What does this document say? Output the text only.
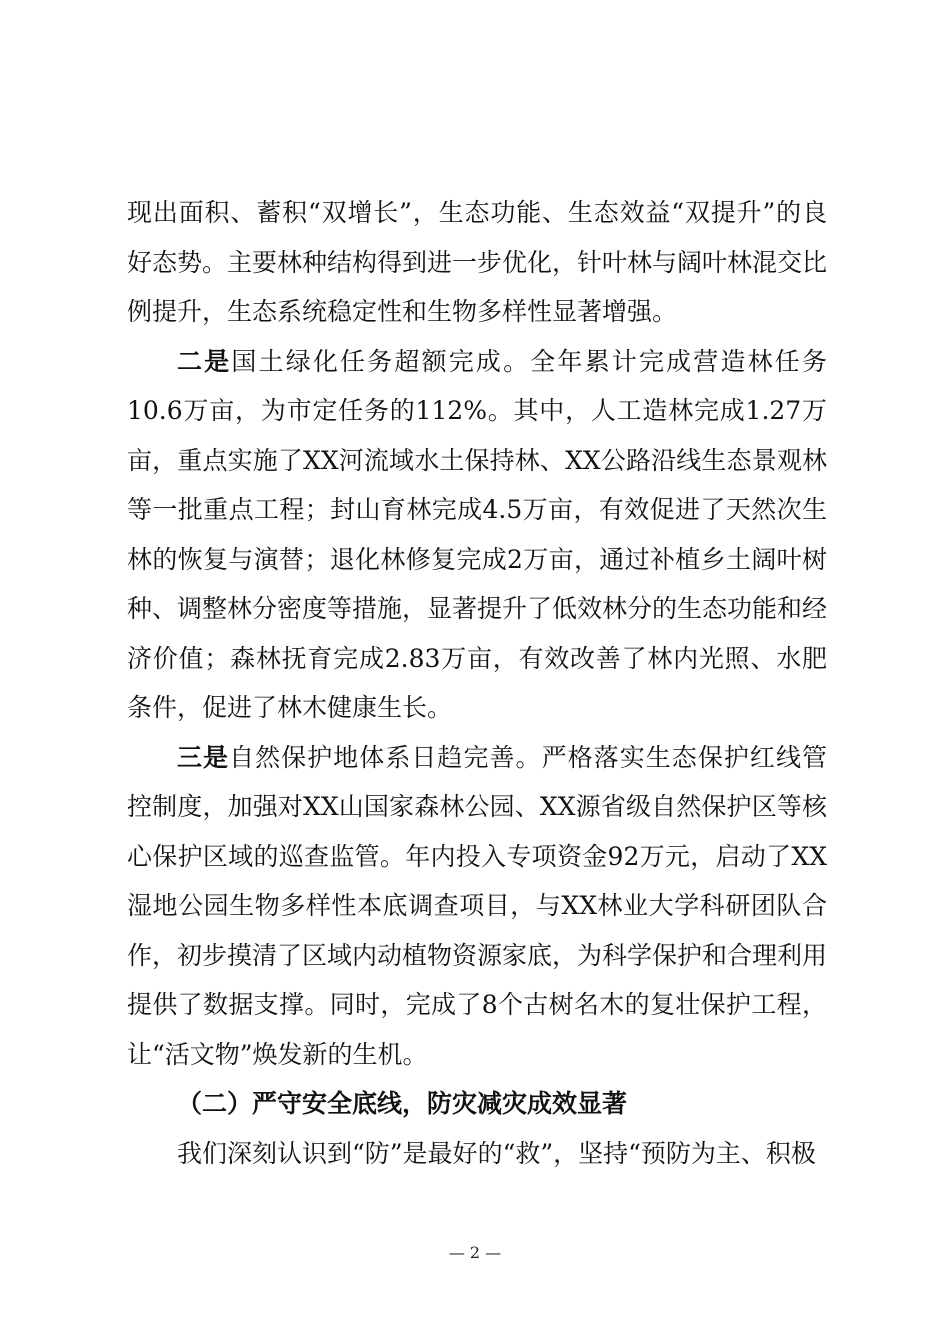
现出面积、蓄积“双增长”，生态功能、生态效益“双提升”的良好态势。主要林种结构得到进一步优化，针叶林与阔叶林混交比例提升，生态系统稳定性和生物多样性显著增强。

二是国土绿化任务超额完成。全年累计完成营造林任务10.6万亩，为市定任务的112%。其中，人工造林完成1.27万亩，重点实施了XX河流域水土保持林、XX公路沿线生态景观林等一批重点工程；封山育林完成4.5万亩，有效促进了天然次生林的恢复与演替；退化林修复完成2万亩，通过补植乡土阔叶树种、调整林分密度等措施，显著提升了低效林分的生态功能和经济价值；森林抚育完成2.83万亩，有效改善了林内光照、水肥条件，促进了林木健康生长。

三是自然保护地体系日趋完善。严格落实生态保护红线管控制度，加强对XX山国家森林公园、XX源省级自然保护区等核心保护区域的巡查监管。年内投入专项资金92万元，启动了XX湿地公园生物多样性本底调查项目，与XX林业大学科研团队合作，初步摸清了区域内动植物资源家底，为科学保护和合理利用提供了数据支撑。同时，完成了8个古树名木的复壮保护工程，让“活文物”焕发新的生机。

（二）严守安全底线，防灾减灾成效显著

我们深刻认识到“防”是最好的“救”，坚持“预防为主、积极

— 2 —
